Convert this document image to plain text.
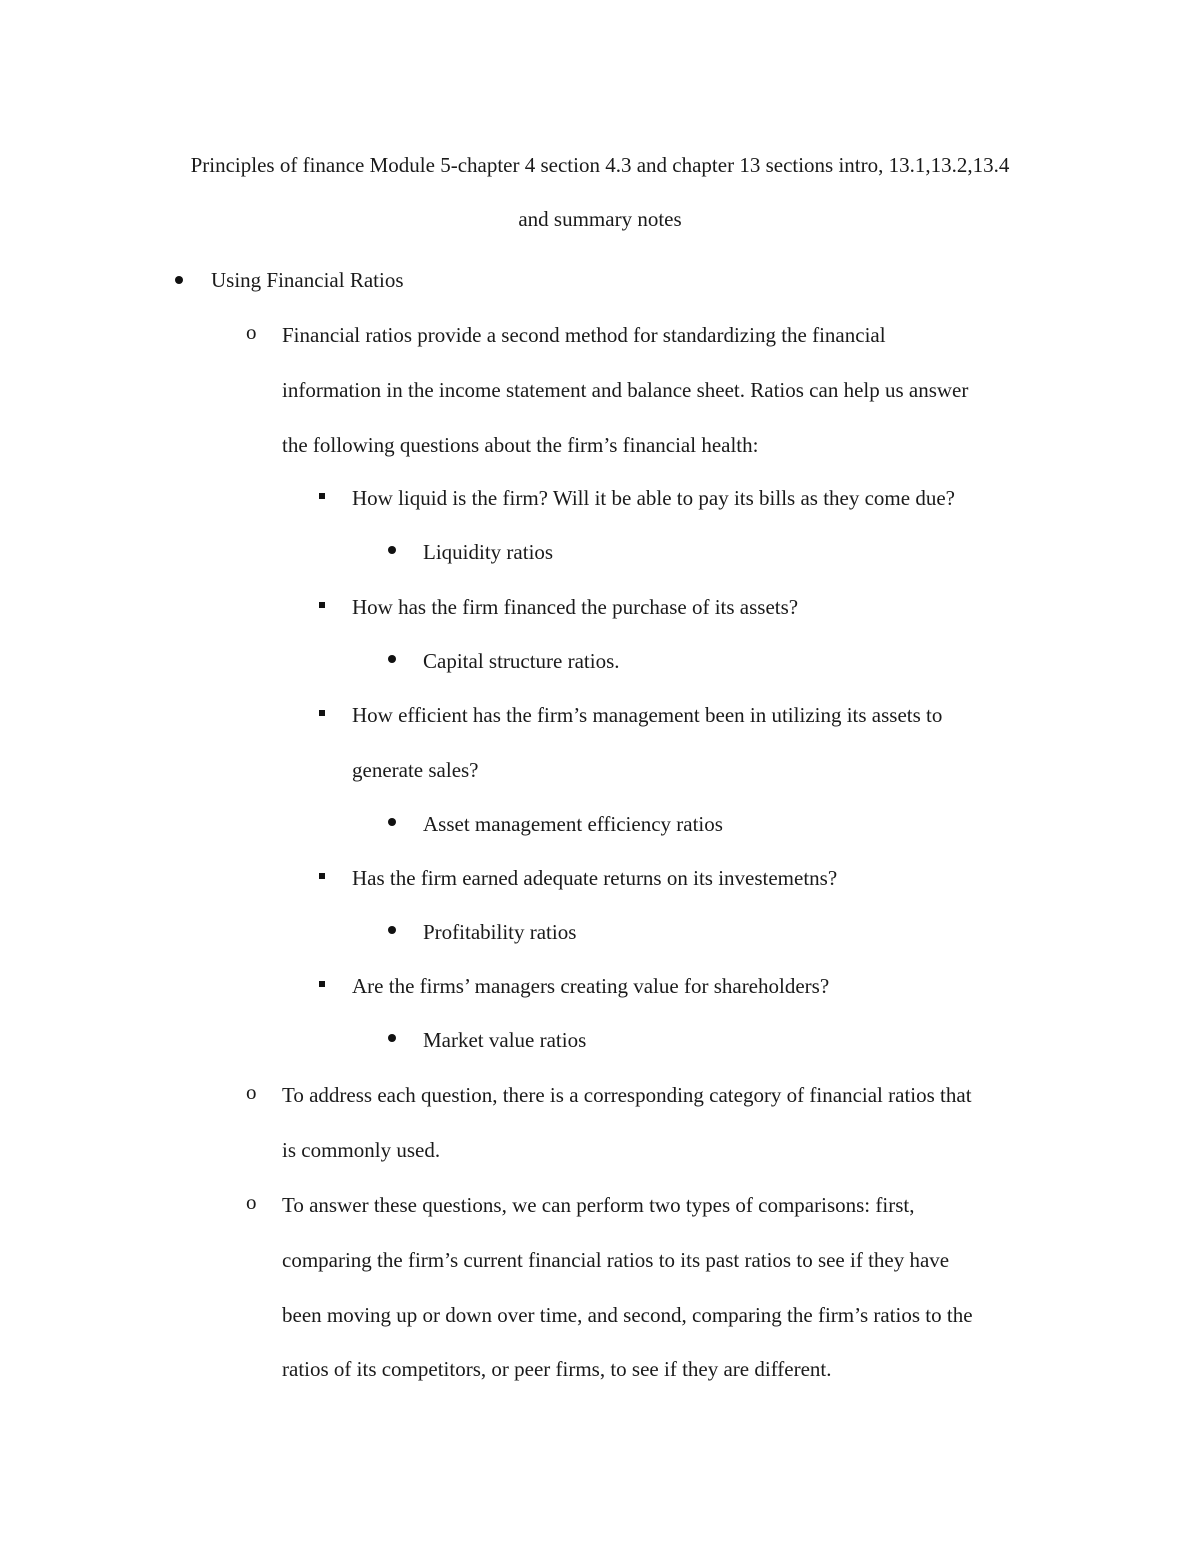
Principles of finance Module 5-chapter 4 section 4.3 and chapter 13 sections intro, 13.1,13.2,13.4
and summary notes
Using Financial Ratios
o Financial ratios provide a second method for standardizing the financial
information in the income statement and balance sheet. Ratios can help us answer
the following questions about the firm’s financial health:
How liquid is the firm? Will it be able to pay its bills as they come due?
Liquidity ratios
How has the firm financed the purchase of its assets?
Capital structure ratios.
How efficient has the firm’s management been in utilizing its assets to
generate sales?
Asset management efficiency ratios
Has the firm earned adequate returns on its investemetns?
Profitability ratios
Are the firms’ managers creating value for shareholders?
Market value ratios
o To address each question, there is a corresponding category of financial ratios that
is commonly used.
o To answer these questions, we can perform two types of comparisons: first,
comparing the firm’s current financial ratios to its past ratios to see if they have
been moving up or down over time, and second, comparing the firm’s ratios to the
ratios of its competitors, or peer firms, to see if they are different.
